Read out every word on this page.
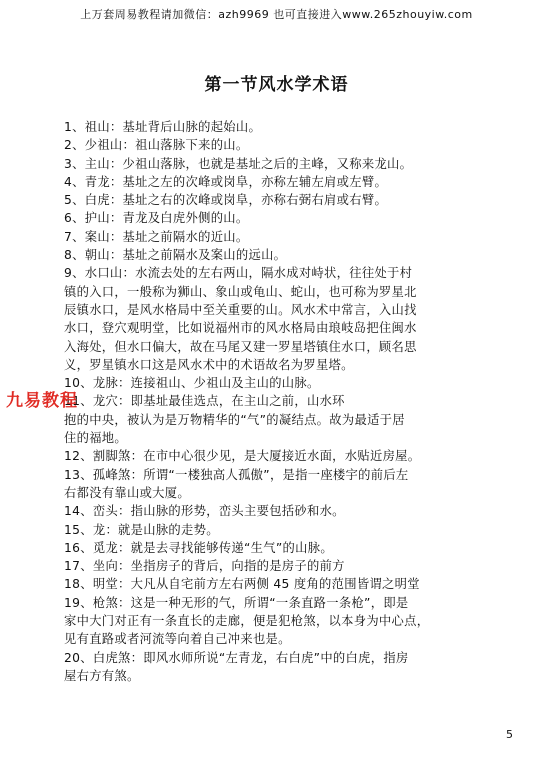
上万套周易教程请加微信：azh9969 也可直接进入www.265zhouyiw.com
第一节风水学术语
1、祖山：基址背后山脉的起始山。
2、少祖山：祖山落脉下来的山。
3、主山：少祖山落脉，也就是基址之后的主峰，又称来龙山。
4、青龙：基址之左的次峰或岗阜，亦称左辅左肩或左臂。
5、白虎：基址之右的次峰或岗阜，亦称右弼右肩或右臂。
6、护山：青龙及白虎外侧的山。
7、案山：基址之前隔水的近山。
8、朝山：基址之前隔水及案山的远山。
9、水口山：水流去处的左右两山，隔水成对峙状，往往处于村
镇的入口，一般称为狮山、象山或龟山、蛇山，也可称为罗星北
辰镇水口，是风水格局中至关重要的山。风水术中常言，入山找
水口，登穴观明堂，比如说福州市的风水格局由琅岐岛把住闽水
入海处，但水口偏大，故在马尾又建一罗星塔镇住水口，顾名思
义，罗星镇水口这是风水术中的术语故名为罗星塔。
10、龙脉：连接祖山、少祖山及主山的山脉。
11、龙穴：即基址最佳选点，在主山之前，山水环
抱的中央，被认为是万物精华的“气”的凝结点。故为最适于居
住的福地。
12、割脚煞：在市中心很少见，是大厦接近水面，水贴近房屋。
13、孤峰煞：所谓“一楼独高人孤傲”，是指一座楼宇的前后左
右都没有靠山或大厦。
14、峦头：指山脉的形势，峦头主要包括砂和水。
15、龙：就是山脉的走势。
16、觅龙：就是去寻找能够传递“生气”的山脉。
17、坐向：坐指房子的背后，向指的是房子的前方
18、明堂：大凡从自宅前方左右两侧 45 度角的范围皆谓之明堂
19、枪煞：这是一种无形的气，所谓“一条直路一条枪”，即是
家中大门对正有一条直长的走廊，便是犯枪煞，以本身为中心点，
见有直路或者河流等向着自己冲来也是。
20、白虎煞：即风水师所说“左青龙，右白虎”中的白虎，指房
屋右方有煞。
九易教程
5
